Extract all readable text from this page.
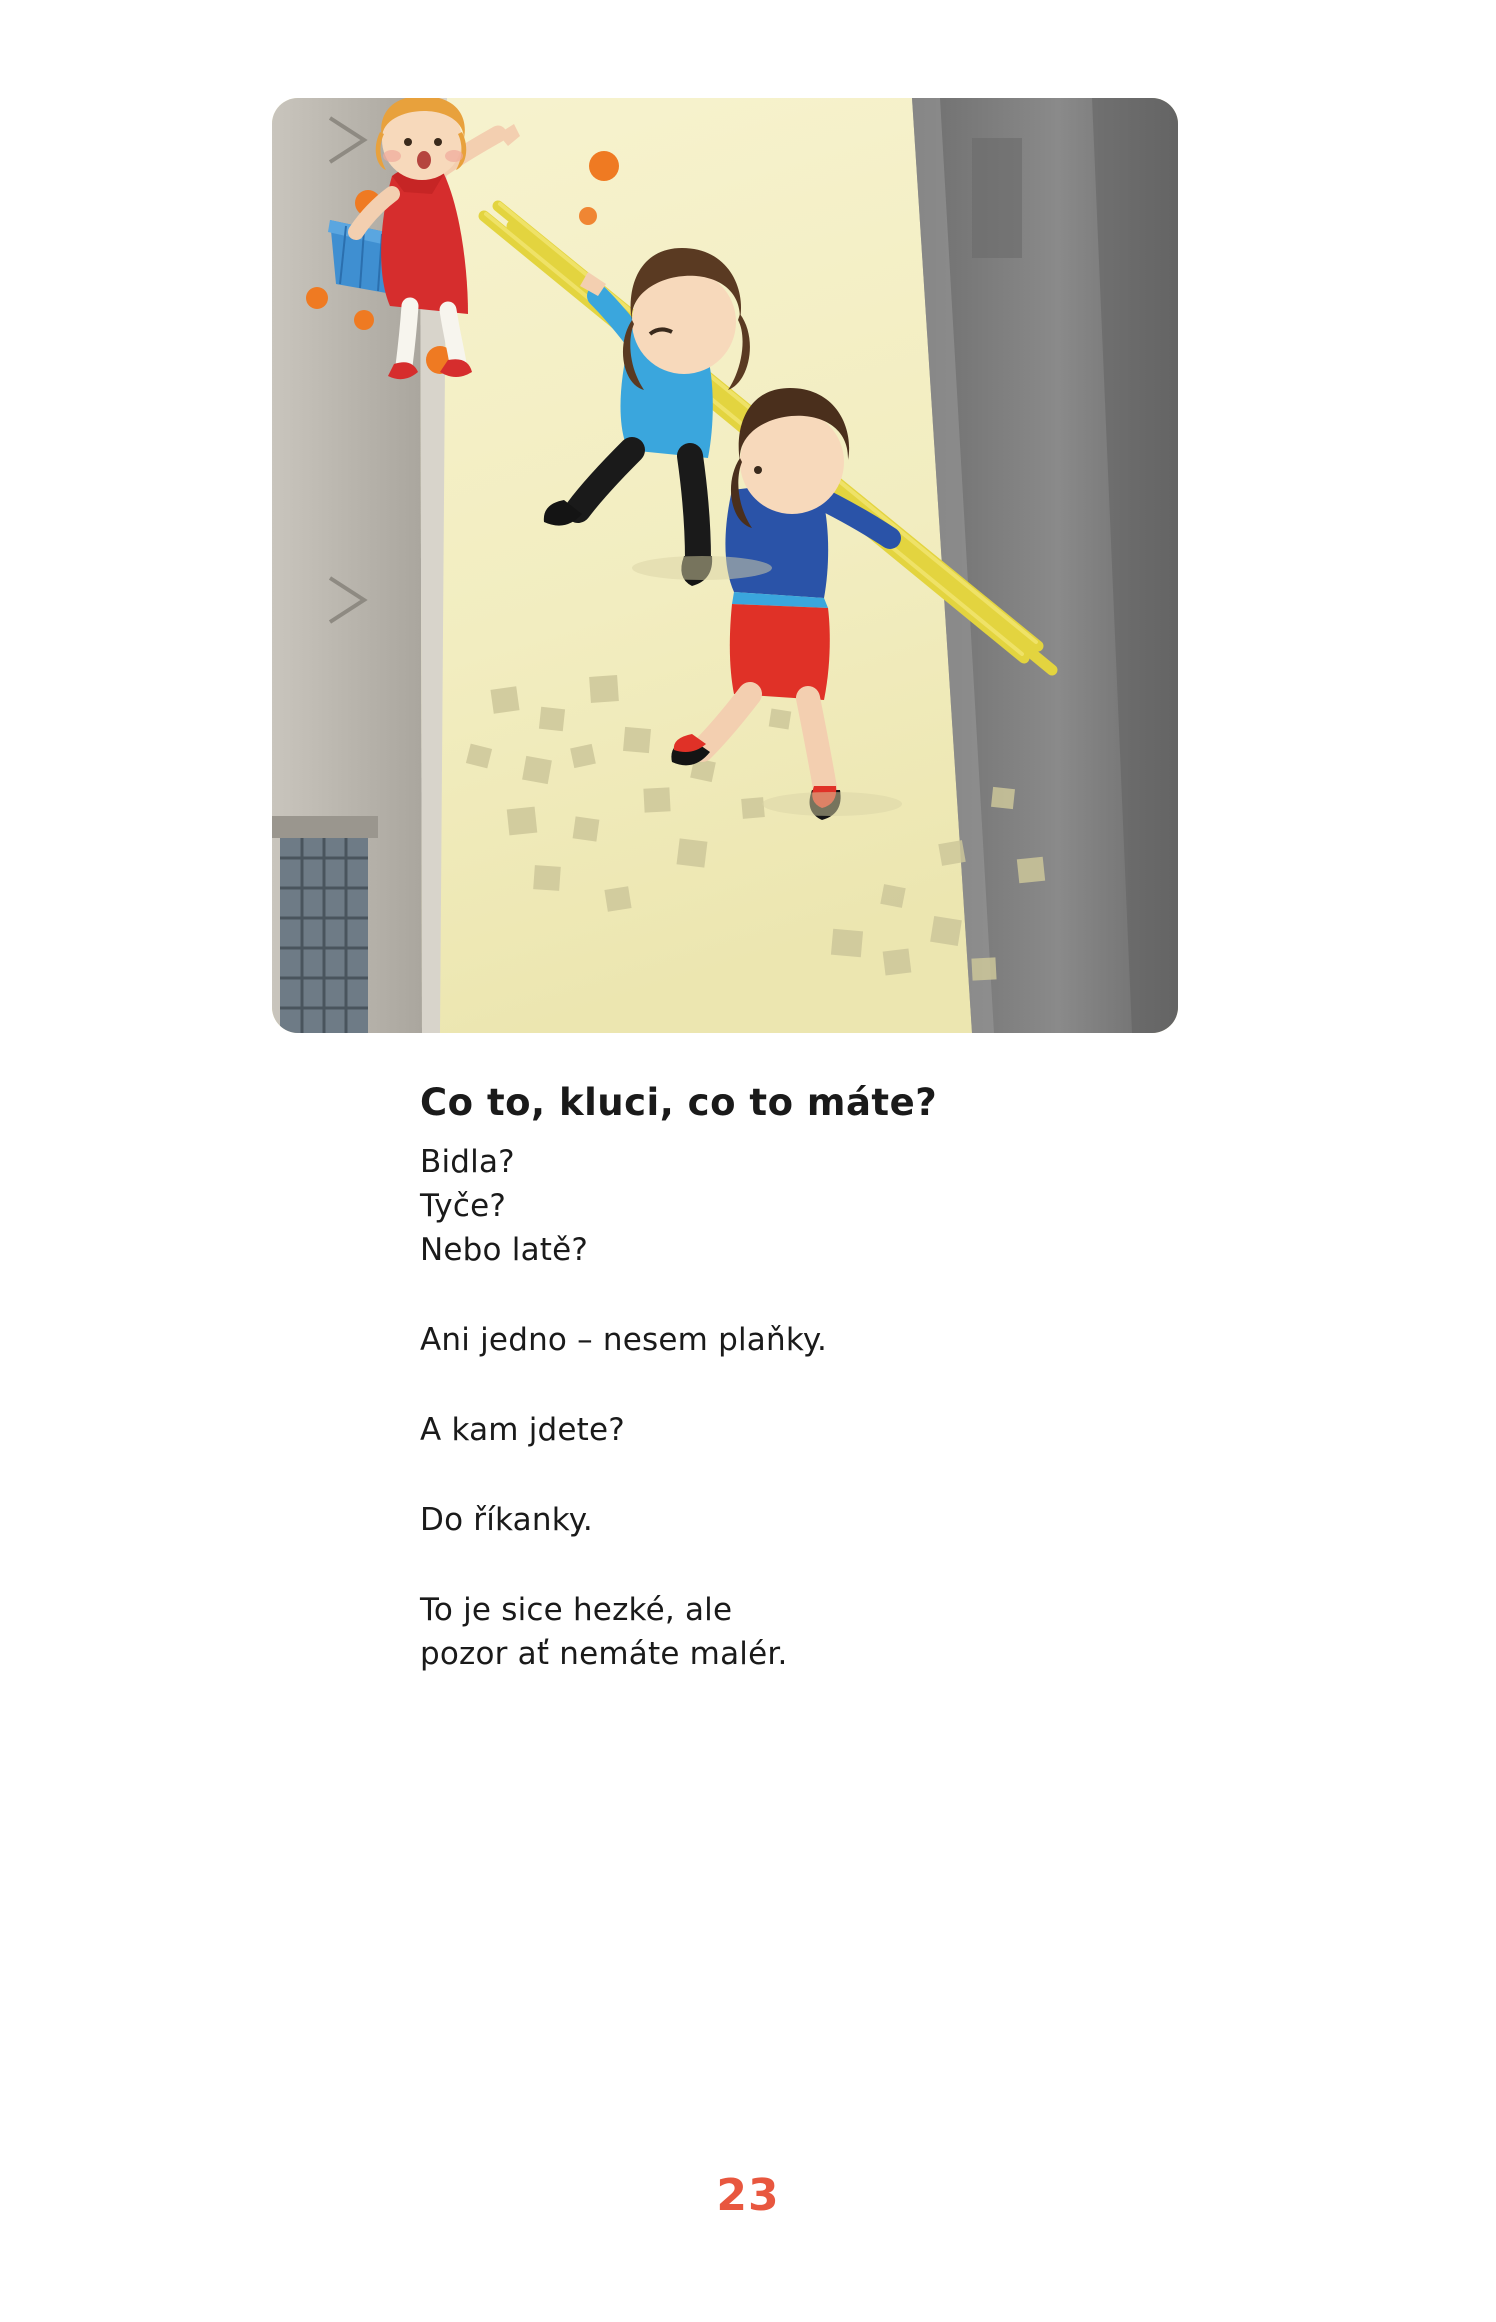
Co to, kluci, co to máte?

Bidla?

Tyče?

Nebo latě?

Ani jedno – nesem plaňky.

A kam jdete?

Do říkanky.

To je sice hezké, ale

pozor ať nemáte malér.

23
